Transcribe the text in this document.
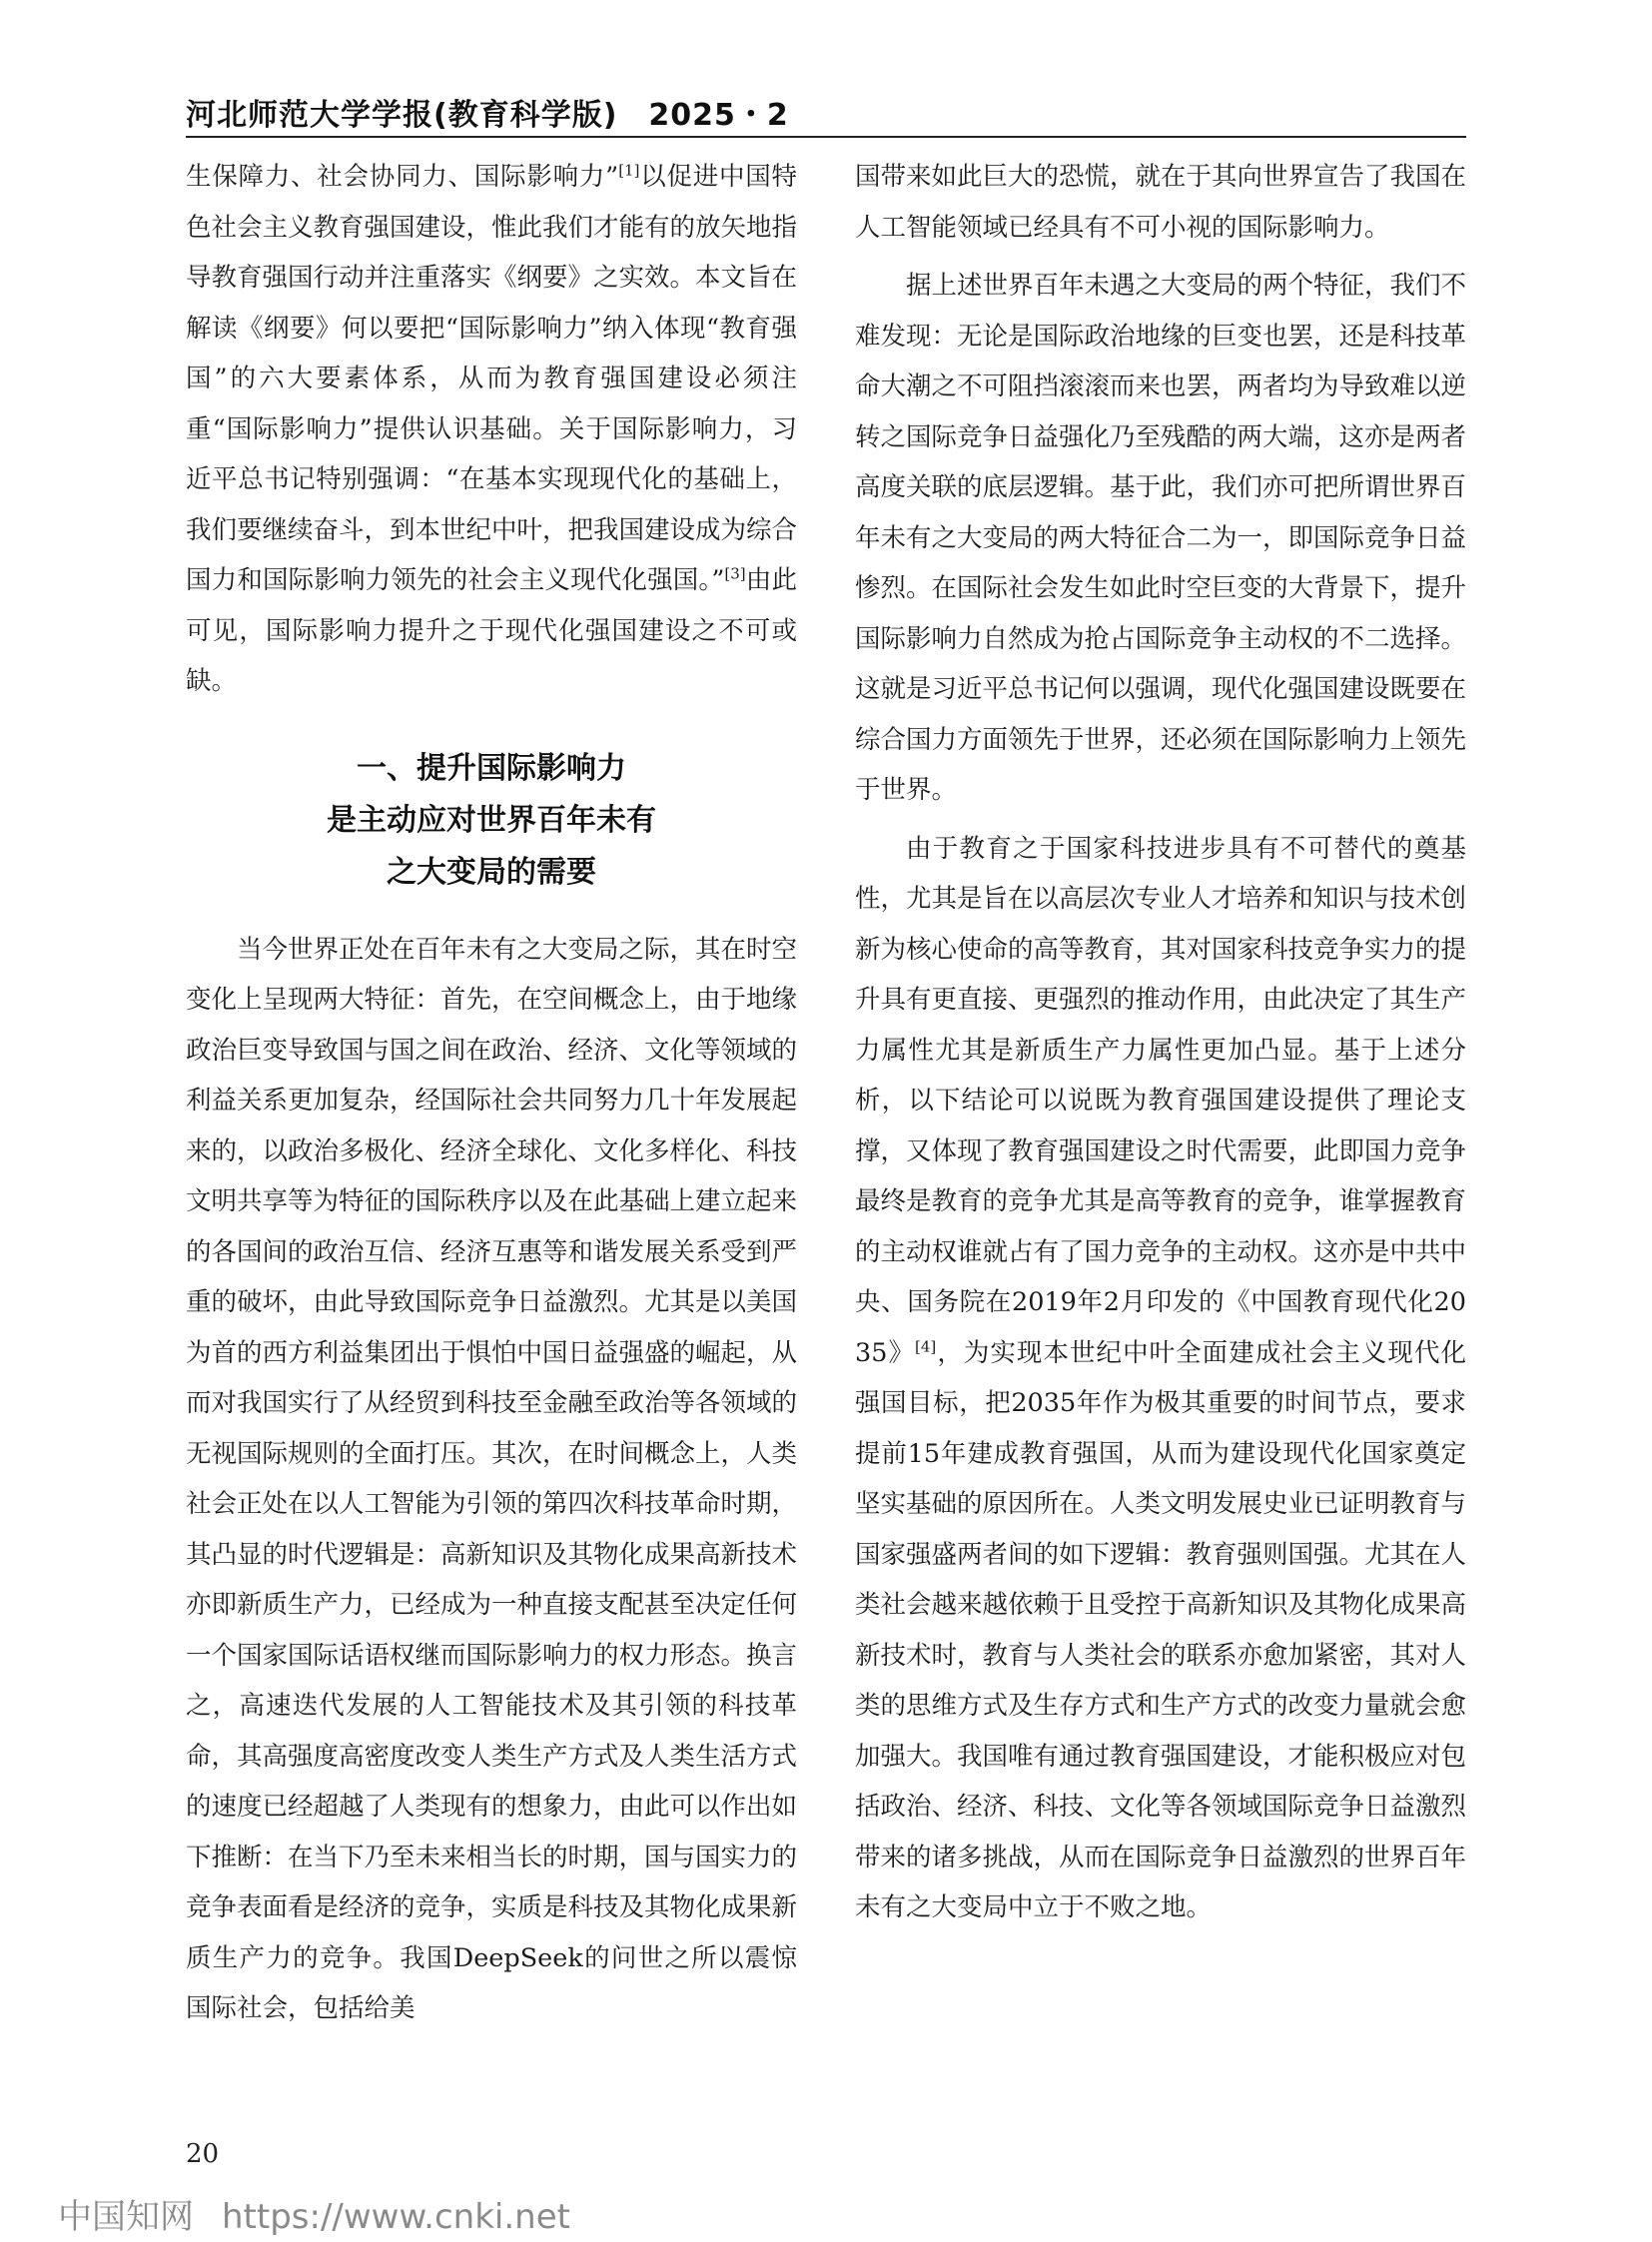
河北师范大学学报(教育科学版)　2025・2

生保障力、社会协同力、国际影响力”[1]以促进中国特色社会主义教育强国建设，惟此我们才能有的放矢地指导教育强国行动并注重落实《纲要》之实效。本文旨在解读《纲要》何以要把“国际影响力”纳入体现“教育强国”的六大要素体系，从而为教育强国建设必须注重“国际影响力”提供认识基础。关于国际影响力，习近平总书记特别强调：“在基本实现现代化的基础上，我们要继续奋斗，到本世纪中叶，把我国建设成为综合国力和国际影响力领先的社会主义现代化强国。”[3]由此可见，国际影响力提升之于现代化强国建设之不可或缺。

一、提升国际影响力
是主动应对世界百年未有
之大变局的需要

当今世界正处在百年未有之大变局之际，其在时空变化上呈现两大特征：首先，在空间概念上，由于地缘政治巨变导致国与国之间在政治、经济、文化等领域的利益关系更加复杂，经国际社会共同努力几十年发展起来的，以政治多极化、经济全球化、文化多样化、科技文明共享等为特征的国际秩序以及在此基础上建立起来的各国间的政治互信、经济互惠等和谐发展关系受到严重的破坏，由此导致国际竞争日益激烈。尤其是以美国为首的西方利益集团出于惧怕中国日益强盛的崛起，从而对我国实行了从经贸到科技至金融至政治等各领域的无视国际规则的全面打压。其次，在时间概念上，人类社会正处在以人工智能为引领的第四次科技革命时期，其凸显的时代逻辑是：高新知识及其物化成果高新技术亦即新质生产力，已经成为一种直接支配甚至决定任何一个国家国际话语权继而国际影响力的权力形态。换言之，高速迭代发展的人工智能技术及其引领的科技革命，其高强度高密度改变人类生产方式及人类生活方式的速度已经超越了人类现有的想象力，由此可以作出如下推断：在当下乃至未来相当长的时期，国与国实力的竞争表面看是经济的竞争，实质是科技及其物化成果新质生产力的竞争。我国DeepSeek的问世之所以震惊国际社会，包括给美

国带来如此巨大的恐慌，就在于其向世界宣告了我国在人工智能领域已经具有不可小视的国际影响力。

据上述世界百年未遇之大变局的两个特征，我们不难发现：无论是国际政治地缘的巨变也罢，还是科技革命大潮之不可阻挡滚滚而来也罢，两者均为导致难以逆转之国际竞争日益强化乃至残酷的两大端，这亦是两者高度关联的底层逻辑。基于此，我们亦可把所谓世界百年未有之大变局的两大特征合二为一，即国际竞争日益惨烈。在国际社会发生如此时空巨变的大背景下，提升国际影响力自然成为抢占国际竞争主动权的不二选择。这就是习近平总书记何以强调，现代化强国建设既要在综合国力方面领先于世界，还必须在国际影响力上领先于世界。

由于教育之于国家科技进步具有不可替代的奠基性，尤其是旨在以高层次专业人才培养和知识与技术创新为核心使命的高等教育，其对国家科技竞争实力的提升具有更直接、更强烈的推动作用，由此决定了其生产力属性尤其是新质生产力属性更加凸显。基于上述分析，以下结论可以说既为教育强国建设提供了理论支撑，又体现了教育强国建设之时代需要，此即国力竞争最终是教育的竞争尤其是高等教育的竞争，谁掌握教育的主动权谁就占有了国力竞争的主动权。这亦是中共中央、国务院在2019年2月印发的《中国教育现代化2035》[4]，为实现本世纪中叶全面建成社会主义现代化强国目标，把2035年作为极其重要的时间节点，要求提前15年建成教育强国，从而为建设现代化国家奠定坚实基础的原因所在。人类文明发展史业已证明教育与国家强盛两者间的如下逻辑：教育强则国强。尤其在人类社会越来越依赖于且受控于高新知识及其物化成果高新技术时，教育与人类社会的联系亦愈加紧密，其对人类的思维方式及生存方式和生产方式的改变力量就会愈加强大。我国唯有通过教育强国建设，才能积极应对包括政治、经济、科技、文化等各领域国际竞争日益激烈带来的诸多挑战，从而在国际竞争日益激烈的世界百年未有之大变局中立于不败之地。

20
中国知网 https://www.cnki.net
